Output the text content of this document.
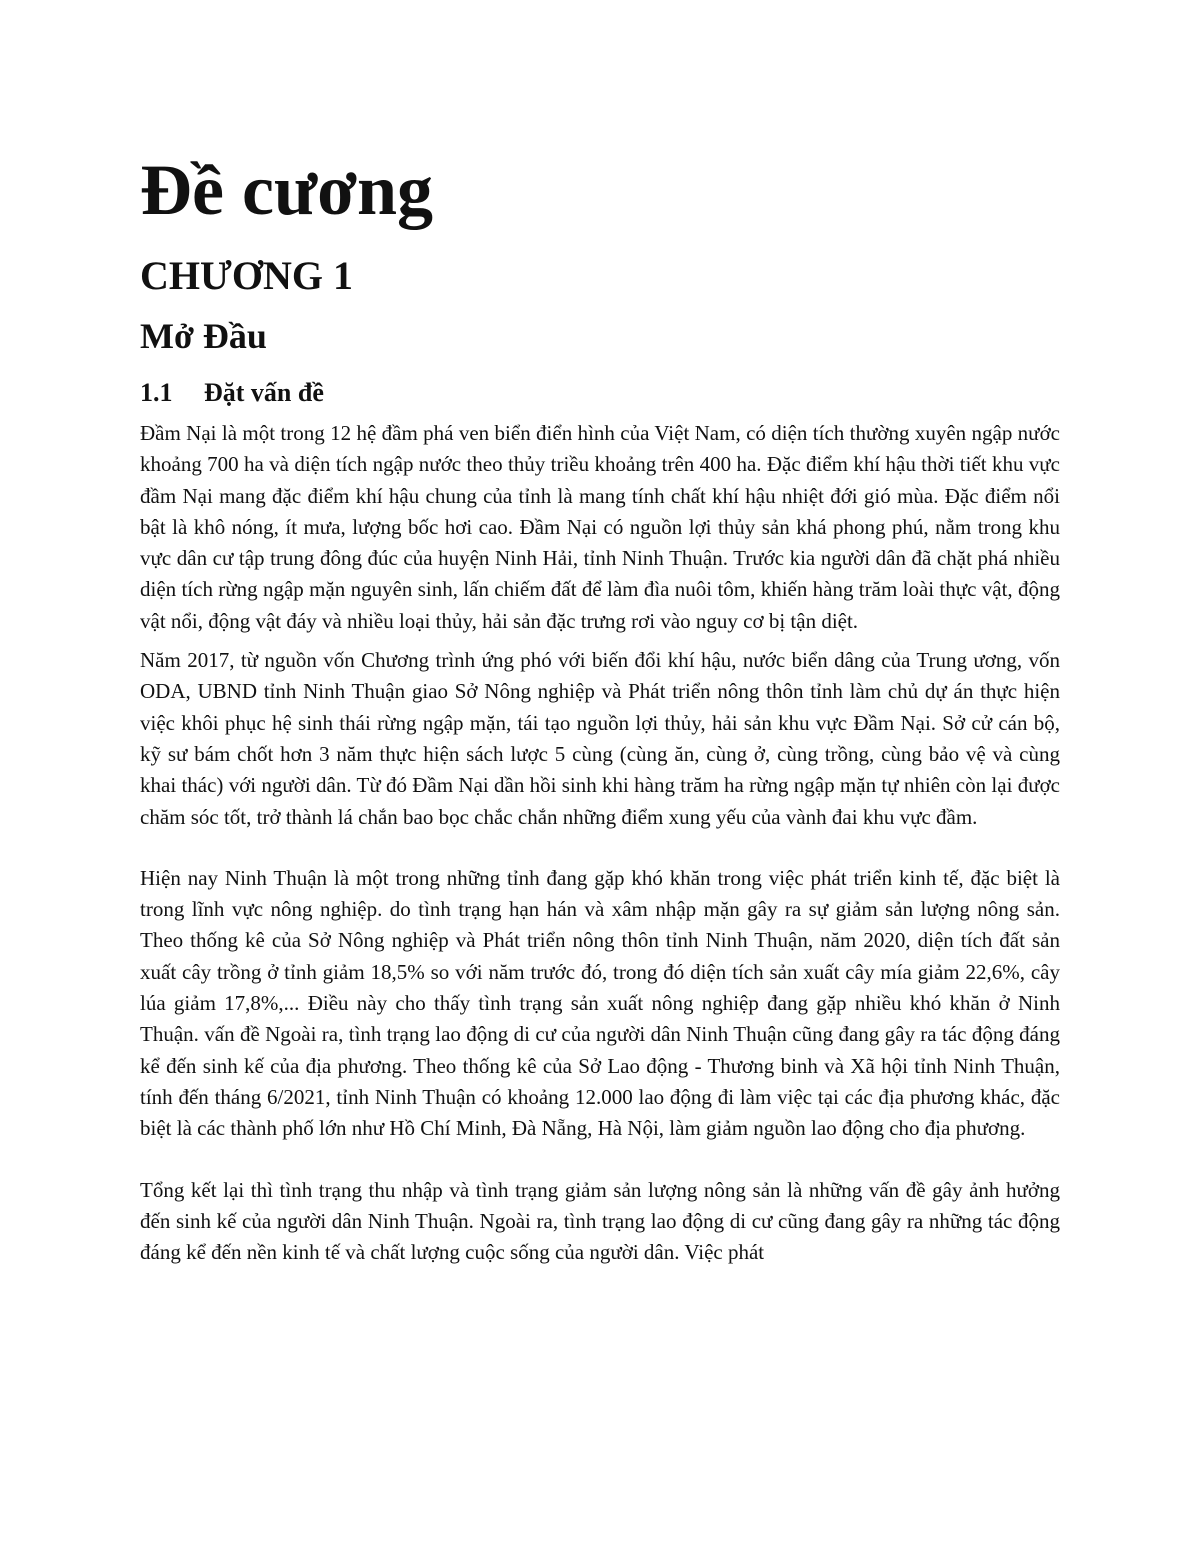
Đề cương
CHƯƠNG 1
Mở Đầu
1.1	Đặt vấn đề

Đầm Nại là một trong 12 hệ đầm phá ven biển điển hình của Việt Nam, có diện tích thường xuyên ngập nước khoảng 700 ha và diện tích ngập nước theo thủy triều khoảng trên 400 ha. Đặc điểm khí hậu thời tiết khu vực đầm Nại mang đặc điểm khí hậu chung của tỉnh là mang tính chất khí hậu nhiệt đới gió mùa. Đặc điểm nổi bật là khô nóng, ít mưa, lượng bốc hơi cao. Đầm Nại có nguồn lợi thủy sản khá phong phú, nằm trong khu vực dân cư tập trung đông đúc của huyện Ninh Hải, tỉnh Ninh Thuận. Trước kia người dân đã chặt phá nhiều diện tích rừng ngập mặn nguyên sinh, lấn chiếm đất để làm đìa nuôi tôm, khiến hàng trăm loài thực vật, động vật nổi, động vật đáy và nhiều loại thủy, hải sản đặc trưng rơi vào nguy cơ bị tận diệt.

Năm 2017, từ nguồn vốn Chương trình ứng phó với biến đổi khí hậu, nước biển dâng của Trung ương, vốn ODA, UBND tỉnh Ninh Thuận giao Sở Nông nghiệp và Phát triển nông thôn tỉnh làm chủ dự án thực hiện việc khôi phục hệ sinh thái rừng ngập mặn, tái tạo nguồn lợi thủy, hải sản khu vực Đầm Nại. Sở cử cán bộ, kỹ sư bám chốt hơn 3 năm thực hiện sách lược 5 cùng (cùng ăn, cùng ở, cùng trồng, cùng bảo vệ và cùng khai thác) với người dân. Từ đó Đầm Nại dần hồi sinh khi hàng trăm ha rừng ngập mặn tự nhiên còn lại được chăm sóc tốt, trở thành lá chắn bao bọc chắc chắn những điểm xung yếu của vành đai khu vực đầm.

Hiện nay Ninh Thuận là một trong những tỉnh đang gặp khó khăn trong việc phát triển kinh tế, đặc biệt là trong lĩnh vực nông nghiệp. do tình trạng hạn hán và xâm nhập mặn gây ra sự giảm sản lượng nông sản. Theo thống kê của Sở Nông nghiệp và Phát triển nông thôn tỉnh Ninh Thuận, năm 2020, diện tích đất sản xuất cây trồng ở tỉnh giảm 18,5% so với năm trước đó, trong đó diện tích sản xuất cây mía giảm 22,6%, cây lúa giảm 17,8%,... Điều này cho thấy tình trạng sản xuất nông nghiệp đang gặp nhiều khó khăn ở Ninh Thuận. vấn đề Ngoài ra, tình trạng lao động di cư của người dân Ninh Thuận cũng đang gây ra tác động đáng kể đến sinh kế của địa phương. Theo thống kê của Sở Lao động - Thương binh và Xã hội tỉnh Ninh Thuận, tính đến tháng 6/2021, tỉnh Ninh Thuận có khoảng 12.000 lao động đi làm việc tại các địa phương khác, đặc biệt là các thành phố lớn như Hồ Chí Minh, Đà Nẵng, Hà Nội, làm giảm nguồn lao động cho địa phương.

Tổng kết lại thì tình trạng thu nhập và tình trạng giảm sản lượng nông sản là những vấn đề gây ảnh hưởng đến sinh kế của người dân Ninh Thuận. Ngoài ra, tình trạng lao động di cư cũng đang gây ra những tác động đáng kể đến nền kinh tế và chất lượng cuộc sống của người dân. Việc phát
